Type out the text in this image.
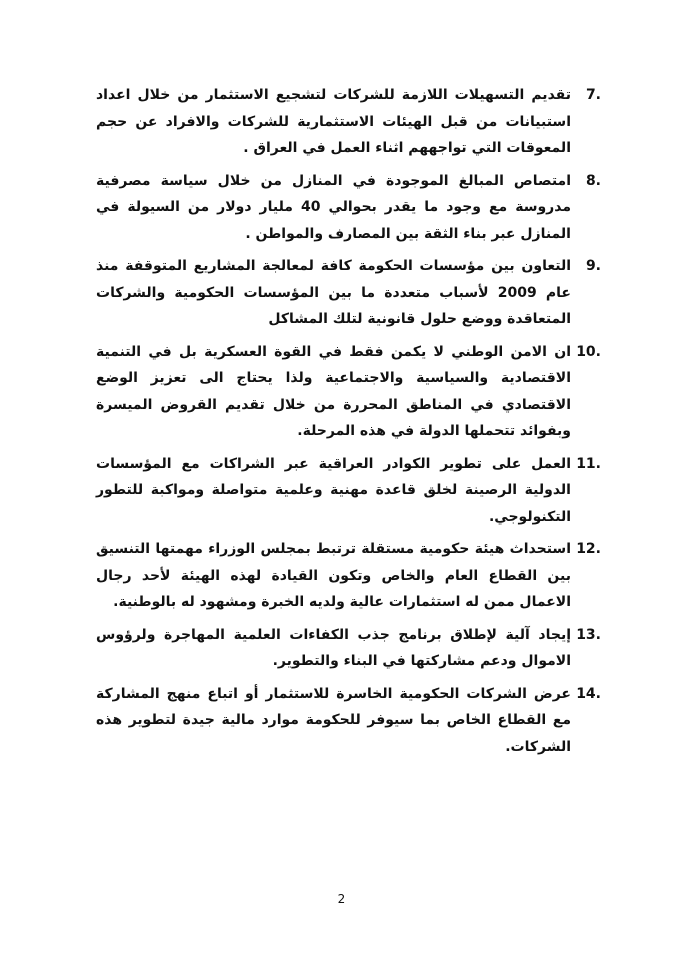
7.
تقديم التسهيلات اللازمة للشركات لتشجيع الاستثمار من خلال اعداد استبيانات من قبل الهيئات الاستثمارية للشركات والافراد عن حجم المعوقات التي تواجههم اثناء العمل في العراق .
8.
امتصاص المبالغ الموجودة في المنازل من خلال سياسة مصرفية مدروسة مع وجود ما يقدر بحوالي 40 مليار دولار من السيولة في المنازل عبر بناء الثقة بين المصارف والمواطن .
9.
التعاون بين مؤسسات الحكومة كافة لمعالجة المشاريع المتوقفة منذ عام 2009 لأسباب متعددة ما بين المؤسسات الحكومية والشركات المتعاقدة ووضع حلول قانونية لتلك المشاكل
10.
ان الامن الوطني لا يكمن فقط في القوة العسكرية بل في التنمية الاقتصادية والسياسية والاجتماعية ولذا يحتاج الى تعزيز الوضع الاقتصادي في المناطق المحررة من خلال تقديم القروض الميسرة وبفوائد تتحملها الدولة في هذه المرحلة.
11.
العمل على تطوير الكوادر العراقية عبر الشراكات مع المؤسسات الدولية الرصينة لخلق قاعدة مهنية وعلمية متواصلة ومواكبة للتطور التكنولوجي.
12.
استحداث هيئة حكومية مستقلة ترتبط بمجلس الوزراء مهمتها التنسيق بين القطاع العام والخاص وتكون القيادة لهذه الهيئة لأحد رجال الاعمال ممن له استثمارات عالية ولديه الخبرة ومشهود له بالوطنية.
13.
إيجاد آلية لإطلاق برنامج جذب الكفاءات العلمية المهاجرة ولرؤوس الاموال ودعم مشاركتها في البناء والتطوير.
14.
عرض الشركات الحكومية الخاسرة للاستثمار أو اتباع منهج المشاركة مع القطاع الخاص بما سيوفر للحكومة موارد مالية جيدة لتطوير هذه الشركات.
2
